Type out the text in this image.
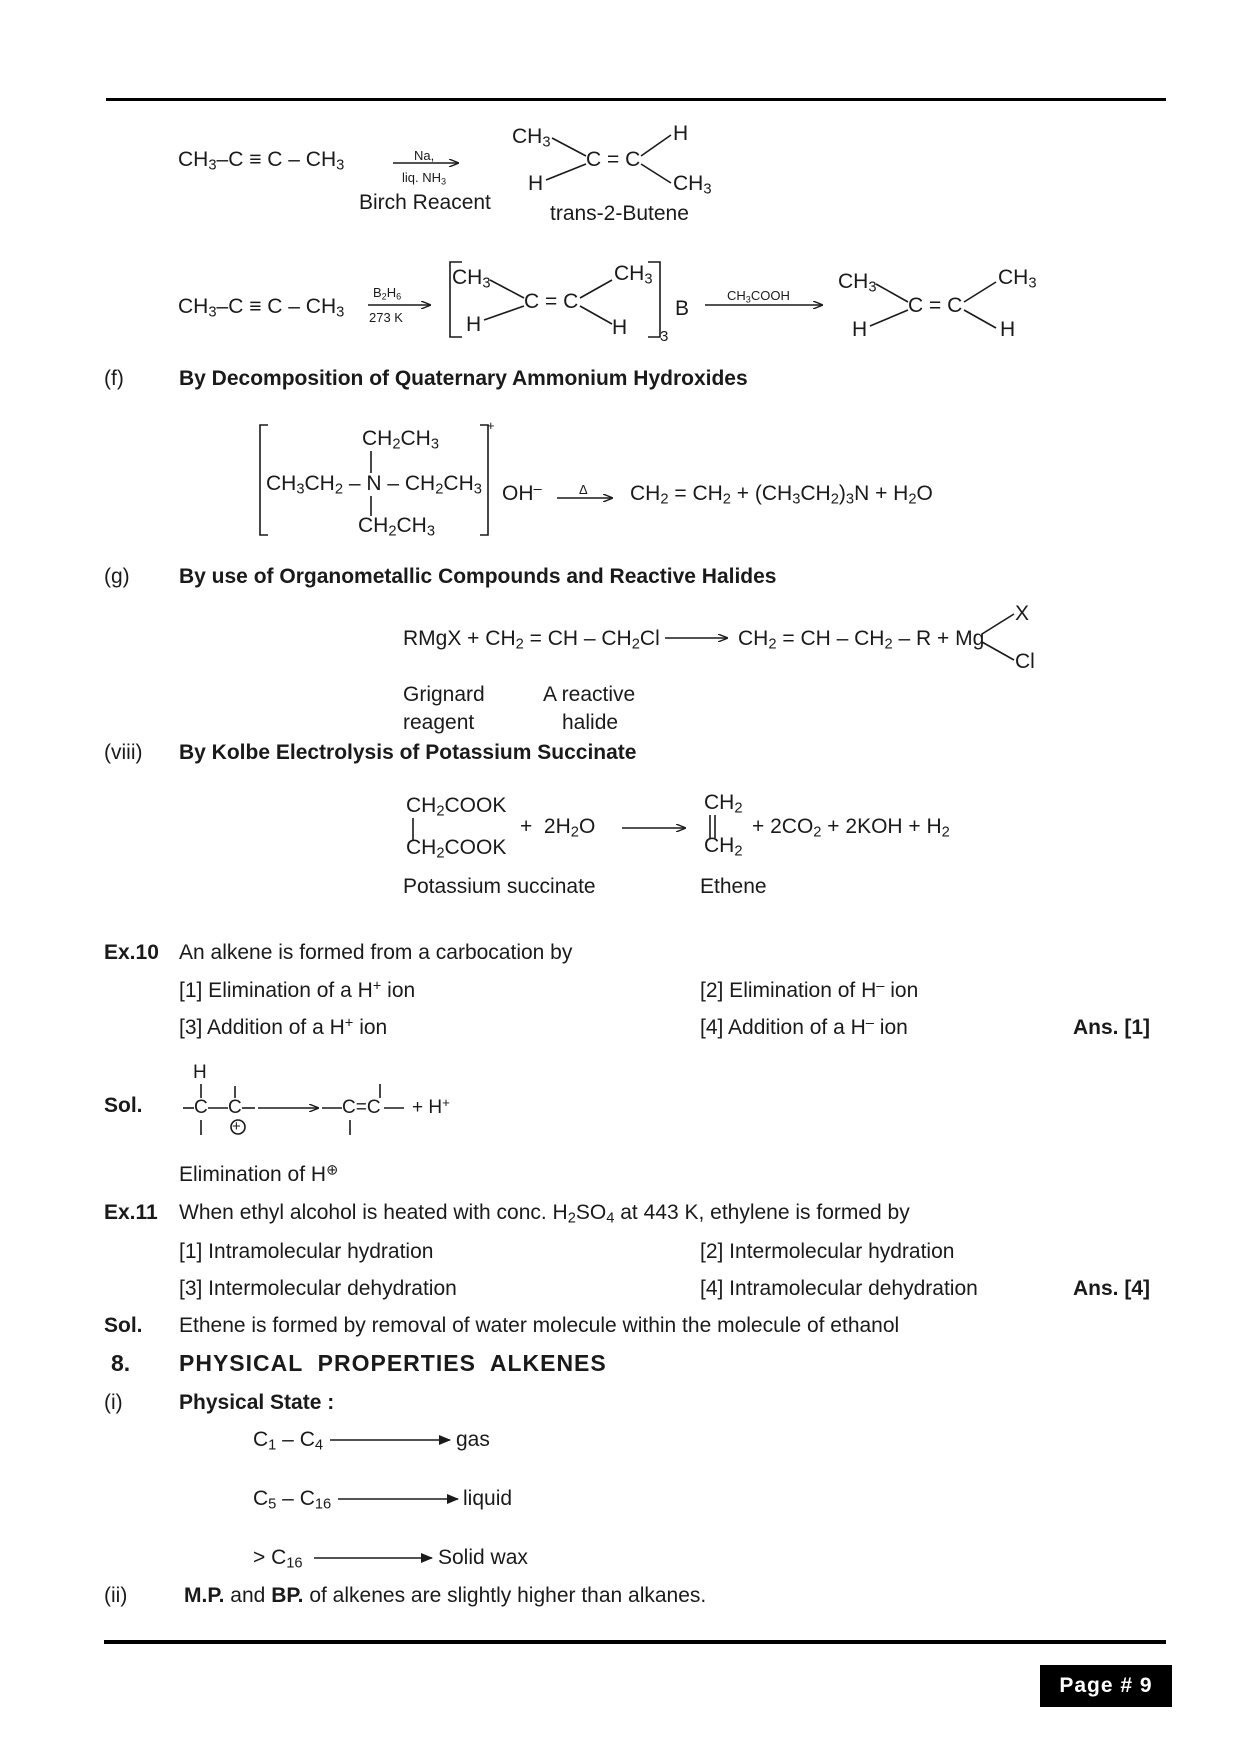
$CH_3-C \equiv C - CH_3$
Na,
liq. $NH_3$
Birch Reacent	trans-2-Butene
$CH_3$
H
C = C
H
$CH_3$
$CH_3-C \equiv C - CH_3$
$B_2H_6$
273 K
$CH_3$
H
C = C
$CH_3$
H 3
B
$CH_3COOH$
$CH_3$
H
C = C
$CH_3$
H
(f)	By Decomposition of Quaternary Ammonium Hydroxides
$CH_2CH_3$
$CH_3CH_2$ – N – $CH_2CH_3$
$CH_2CH_3$
+
OH–	Δ $CH_2 = CH_2 + (CH_3CH_2)_3N + H_2O$
(g) By use of Organometallic Compounds and Reactive Halides
RMgX + $CH_2$ = CH – $CH_2Cl$	$CH_2$ = CH – $CH_2 - R + Mg$
X
Cl
Grignard
reagent
A reactive
halide
(viii) By Kolbe Electrolysis of Potassium Succinate
$CH_2COOK$
$CH_2COOK$
+  $2H_2O$
$CH_2$
$CH_2$
+ $2CO_2 + 2KOH + H_2$
Potassium succinate	Ethene
Ex.10 An alkene is formed from a carbocation by
[1] Elimination of a H+ ion	[2] Elimination of H– ion
[3] Addition of a H+ ion	[4] Addition of a H– ion	Ans. [1]
Sol.
H
C C
+
C=C + H+
Elimination of H⊕
Ex.11 When ethyl alcohol is heated with conc. $H_2SO_4$ at 443 K, ethylene is formed by
[1] Intramolecular hydration	[2] Intermolecular hydration
[3] Intermolecular dehydration	[4] Intramolecular dehydration	Ans. [4]
Sol. Ethene is formed by removal of water molecule within the molecule of ethanol
8. PHYSICAL  PROPERTIES  ALKENES
(i)	Physical State :
$C_1 - C_4$	gas
$C_5 - C_{16}$	liquid
> $C_{16}$	Solid wax
(ii)	M.P. and BP. of alkenes are slightly higher than alkanes.
Page # 9
